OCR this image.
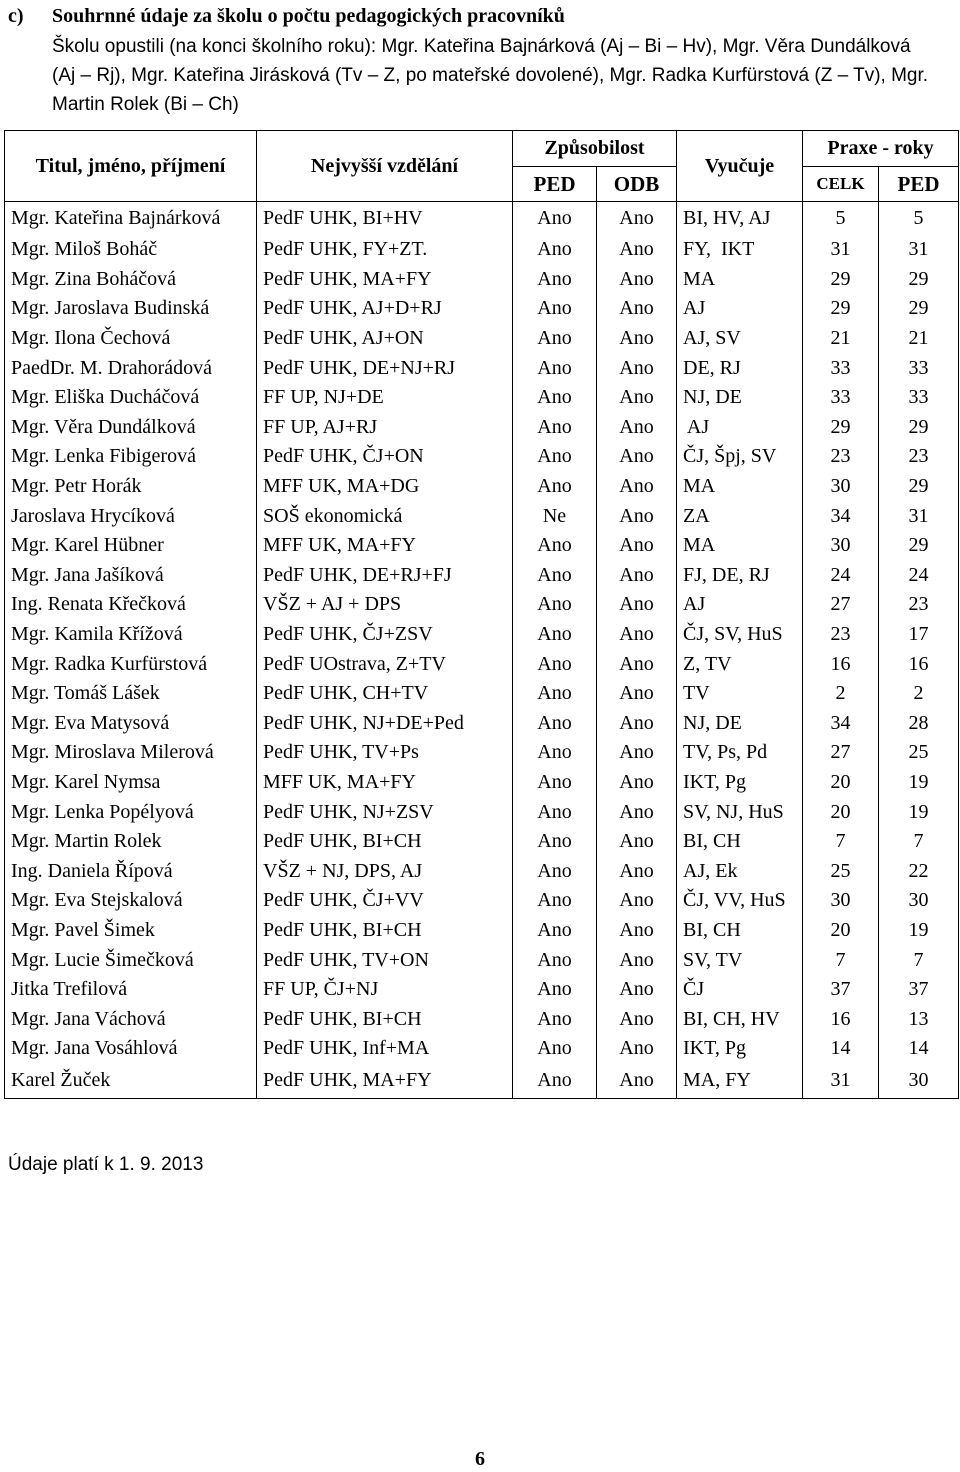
c) Souhrnné údaje za školu o počtu pedagogických pracovníků
Školu opustili (na konci školního roku): Mgr. Kateřina Bajnárková (Aj – Bi – Hv), Mgr. Věra Dundálková (Aj – Rj), Mgr. Kateřina Jirásková (Tv – Z, po mateřské dovolené), Mgr. Radka Kurfürstová (Z – Tv), Mgr. Martin Rolek (Bi – Ch)
Titul, jméno, příjmení	Nejvyšší vzdělání	Způsobilost		Vyučuje	Praxe - roky	
		PED	ODB		CELK	PED
Mgr. Kateřina Bajnárková	PedF UHK, BI+HV	Ano	Ano	BI, HV, AJ	5	5
Mgr. Miloš Boháč	PedF UHK, FY+ZT.	Ano	Ano	FY,  IKT	31	31
Mgr. Zina Boháčová	PedF UHK, MA+FY	Ano	Ano	MA	29	29
Mgr. Jaroslava Budinská	PedF UHK, AJ+D+RJ	Ano	Ano	AJ	29	29
Mgr. Ilona Čechová	PedF UHK, AJ+ON	Ano	Ano	AJ, SV	21	21
PaedDr. M. Drahorádová	PedF UHK, DE+NJ+RJ	Ano	Ano	DE, RJ	33	33
Mgr. Eliška Ducháčová	FF UP, NJ+DE	Ano	Ano	NJ, DE	33	33
Mgr. Věra Dundálková	FF UP, AJ+RJ	Ano	Ano	AJ	29	29
Mgr. Lenka Fibigerová	PedF UHK, ČJ+ON	Ano	Ano	ČJ, Špj, SV	23	23
Mgr. Petr Horák	MFF UK, MA+DG	Ano	Ano	MA	30	29
Jaroslava Hrycíková	SOŠ ekonomická	Ne	Ano	ZA	34	31
Mgr. Karel Hübner	MFF UK, MA+FY	Ano	Ano	MA	30	29
Mgr. Jana Jašíková	PedF UHK, DE+RJ+FJ	Ano	Ano	FJ, DE, RJ	24	24
Ing. Renata Křečková	VŠZ + AJ + DPS	Ano	Ano	AJ	27	23
Mgr. Kamila Křížová	PedF UHK, ČJ+ZSV	Ano	Ano	ČJ, SV, HuS	23	17
Mgr. Radka Kurfürstová	PedF UOstrava, Z+TV	Ano	Ano	Z, TV	16	16
Mgr. Tomáš Lášek	PedF UHK, CH+TV	Ano	Ano	TV	2	2
Mgr. Eva Matysová	PedF UHK, NJ+DE+Ped	Ano	Ano	NJ, DE	34	28
Mgr. Miroslava Milerová	PedF UHK, TV+Ps	Ano	Ano	TV, Ps, Pd	27	25
Mgr. Karel Nymsa	MFF UK, MA+FY	Ano	Ano	IKT, Pg	20	19
Mgr. Lenka Popélyová	PedF UHK, NJ+ZSV	Ano	Ano	SV, NJ, HuS	20	19
Mgr. Martin Rolek	PedF UHK, BI+CH	Ano	Ano	BI, CH	7	7
Ing. Daniela Řípová	VŠZ + NJ, DPS, AJ	Ano	Ano	AJ, Ek	25	22
Mgr. Eva Stejskalová	PedF UHK, ČJ+VV	Ano	Ano	ČJ, VV, HuS	30	30
Mgr. Pavel Šimek	PedF UHK, BI+CH	Ano	Ano	BI, CH	20	19
Mgr. Lucie Šimečková	PedF UHK, TV+ON	Ano	Ano	SV, TV	7	7
Jitka Trefilová	FF UP, ČJ+NJ	Ano	Ano	ČJ	37	37
Mgr. Jana Váchová	PedF UHK, BI+CH	Ano	Ano	BI, CH, HV	16	13
Mgr. Jana Vosáhlová	PedF UHK, Inf+MA	Ano	Ano	IKT, Pg	14	14
Karel Žuček	PedF UHK, MA+FY	Ano	Ano	MA, FY	31	30
Údaje platí k 1. 9. 2013
6
